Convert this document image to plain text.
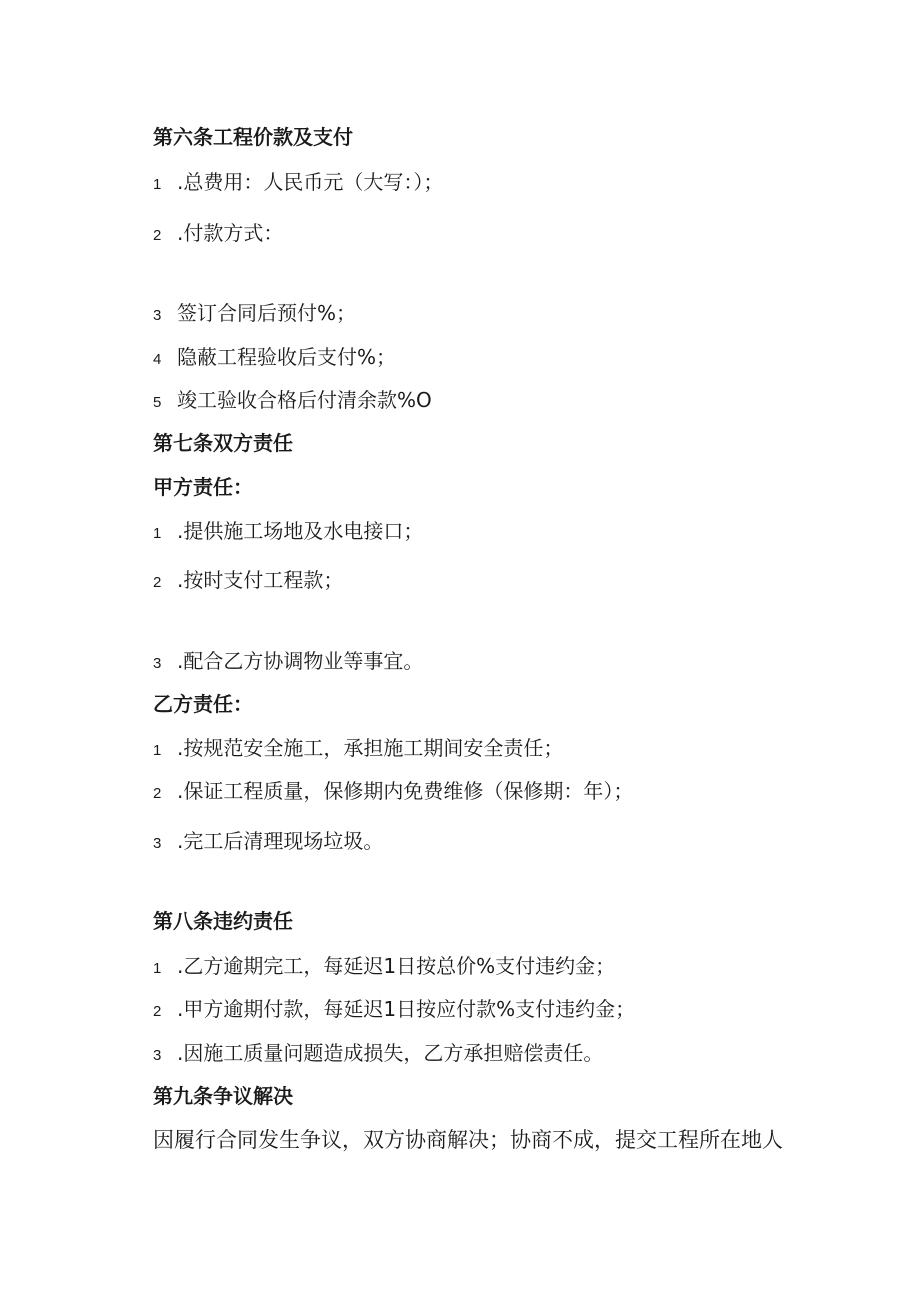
第六条工程价款及支付
1 .总费用：人民币元（大写：）；
2 .付款方式：
3 签订合同后预付%；
4 隐蔽工程验收后支付%；
5 竣工验收合格后付清余款%O
第七条双方责任
甲方责任：
1 .提供施工场地及水电接口；
2 .按时支付工程款；
3 .配合乙方协调物业等事宜。
乙方责任：
1 .按规范安全施工，承担施工期间安全责任；
2 .保证工程质量，保修期内免费维修（保修期：年）；
3 .完工后清理现场垃圾。
第八条违约责任
1 .乙方逾期完工，每延迟1日按总价%支付违约金；
2 .甲方逾期付款，每延迟1日按应付款%支付违约金；
3 .因施工质量问题造成损失，乙方承担赔偿责任。
第九条争议解决
因履行合同发生争议，双方协商解决；协商不成，提交工程所在地人
